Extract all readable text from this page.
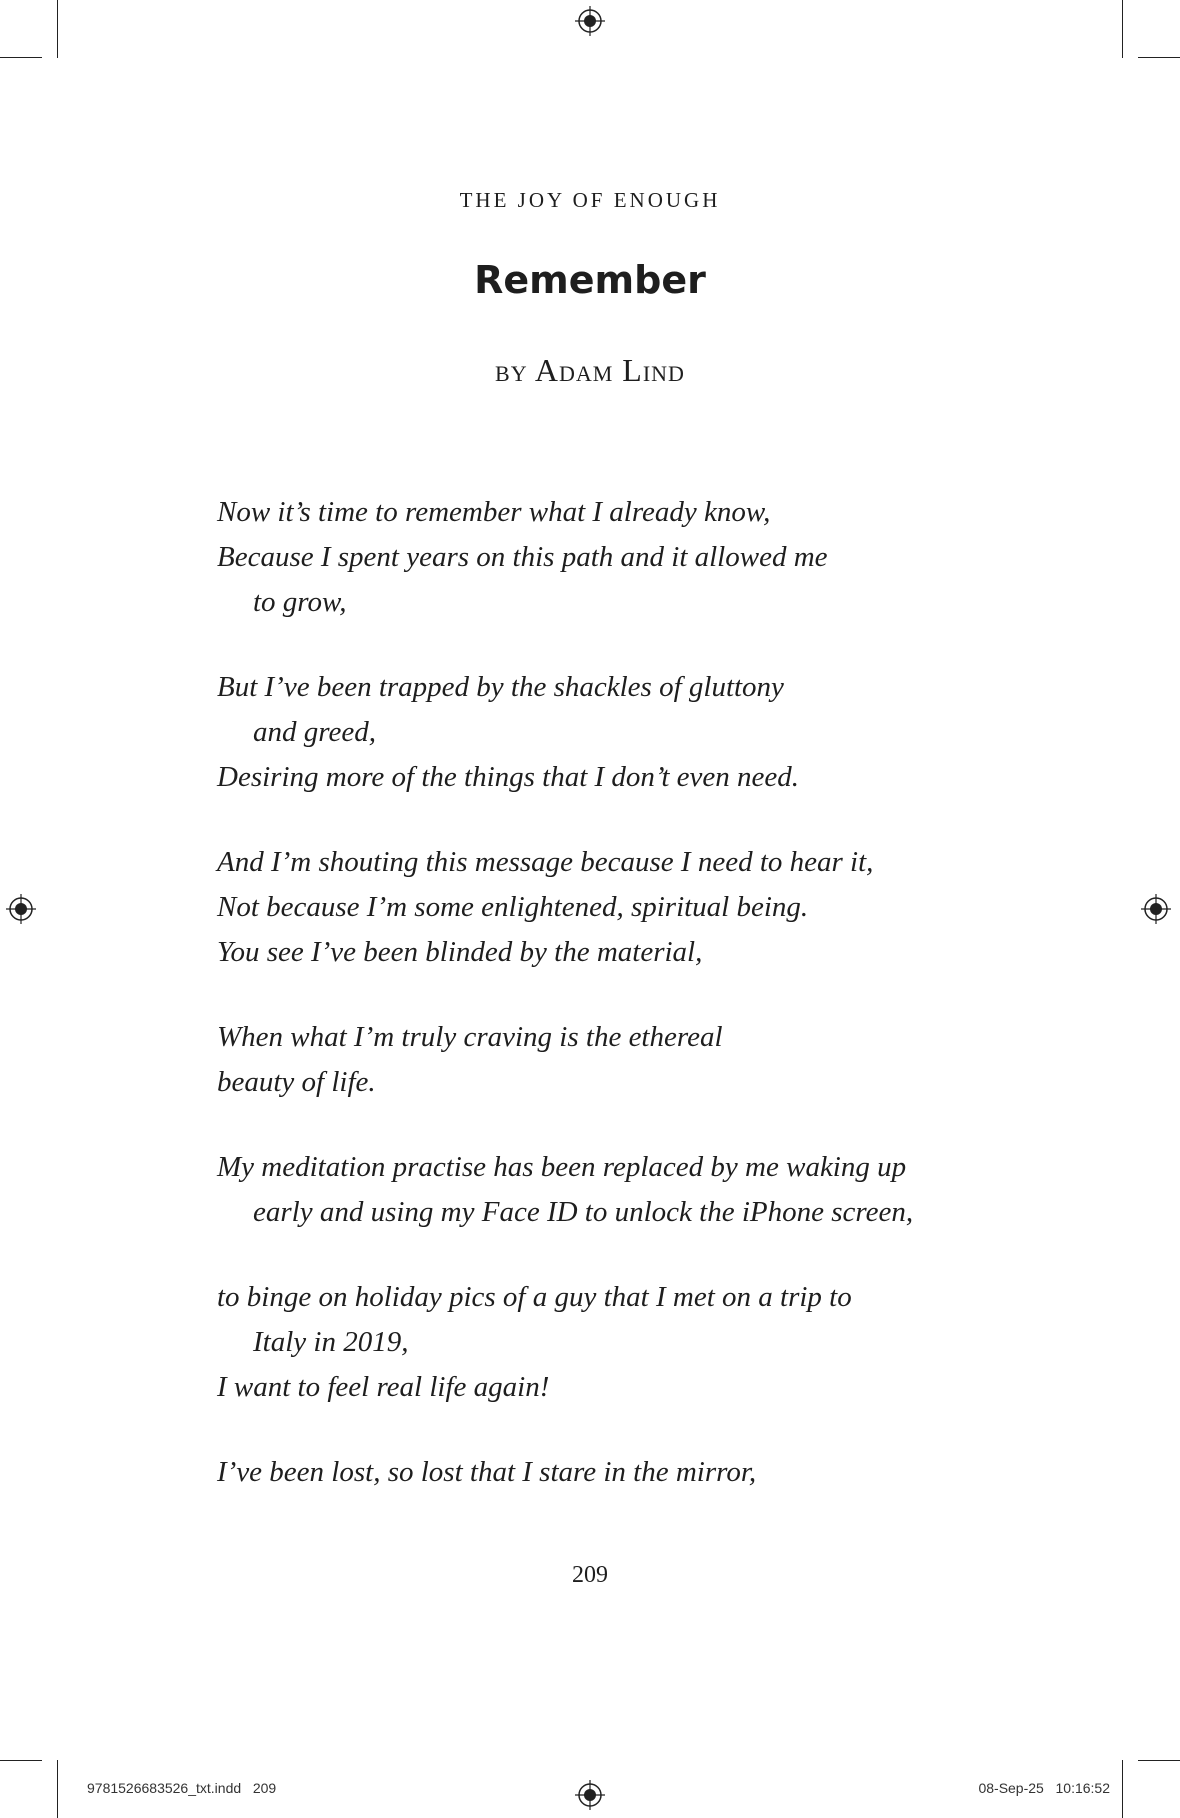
THE JOY OF ENOUGH
Remember
by Adam Lind
Now it’s time to remember what I already know,
Because I spent years on this path and it allowed me
to grow,
But I’ve been trapped by the shackles of gluttony
and greed,
Desiring more of the things that I don’t even need.
And I’m shouting this message because I need to hear it,
Not because I’m some enlightened, spiritual being.
You see I’ve been blinded by the material,
When what I’m truly craving is the ethereal
beauty of life.
My meditation practise has been replaced by me waking up
early and using my Face ID to unlock the iPhone screen,
to binge on holiday pics of a guy that I met on a trip to
Italy in 2019,
I want to feel real life again!
I’ve been lost, so lost that I stare in the mirror,
209
9781526683526_txt.indd   209	08-Sep-25   10:16:52
